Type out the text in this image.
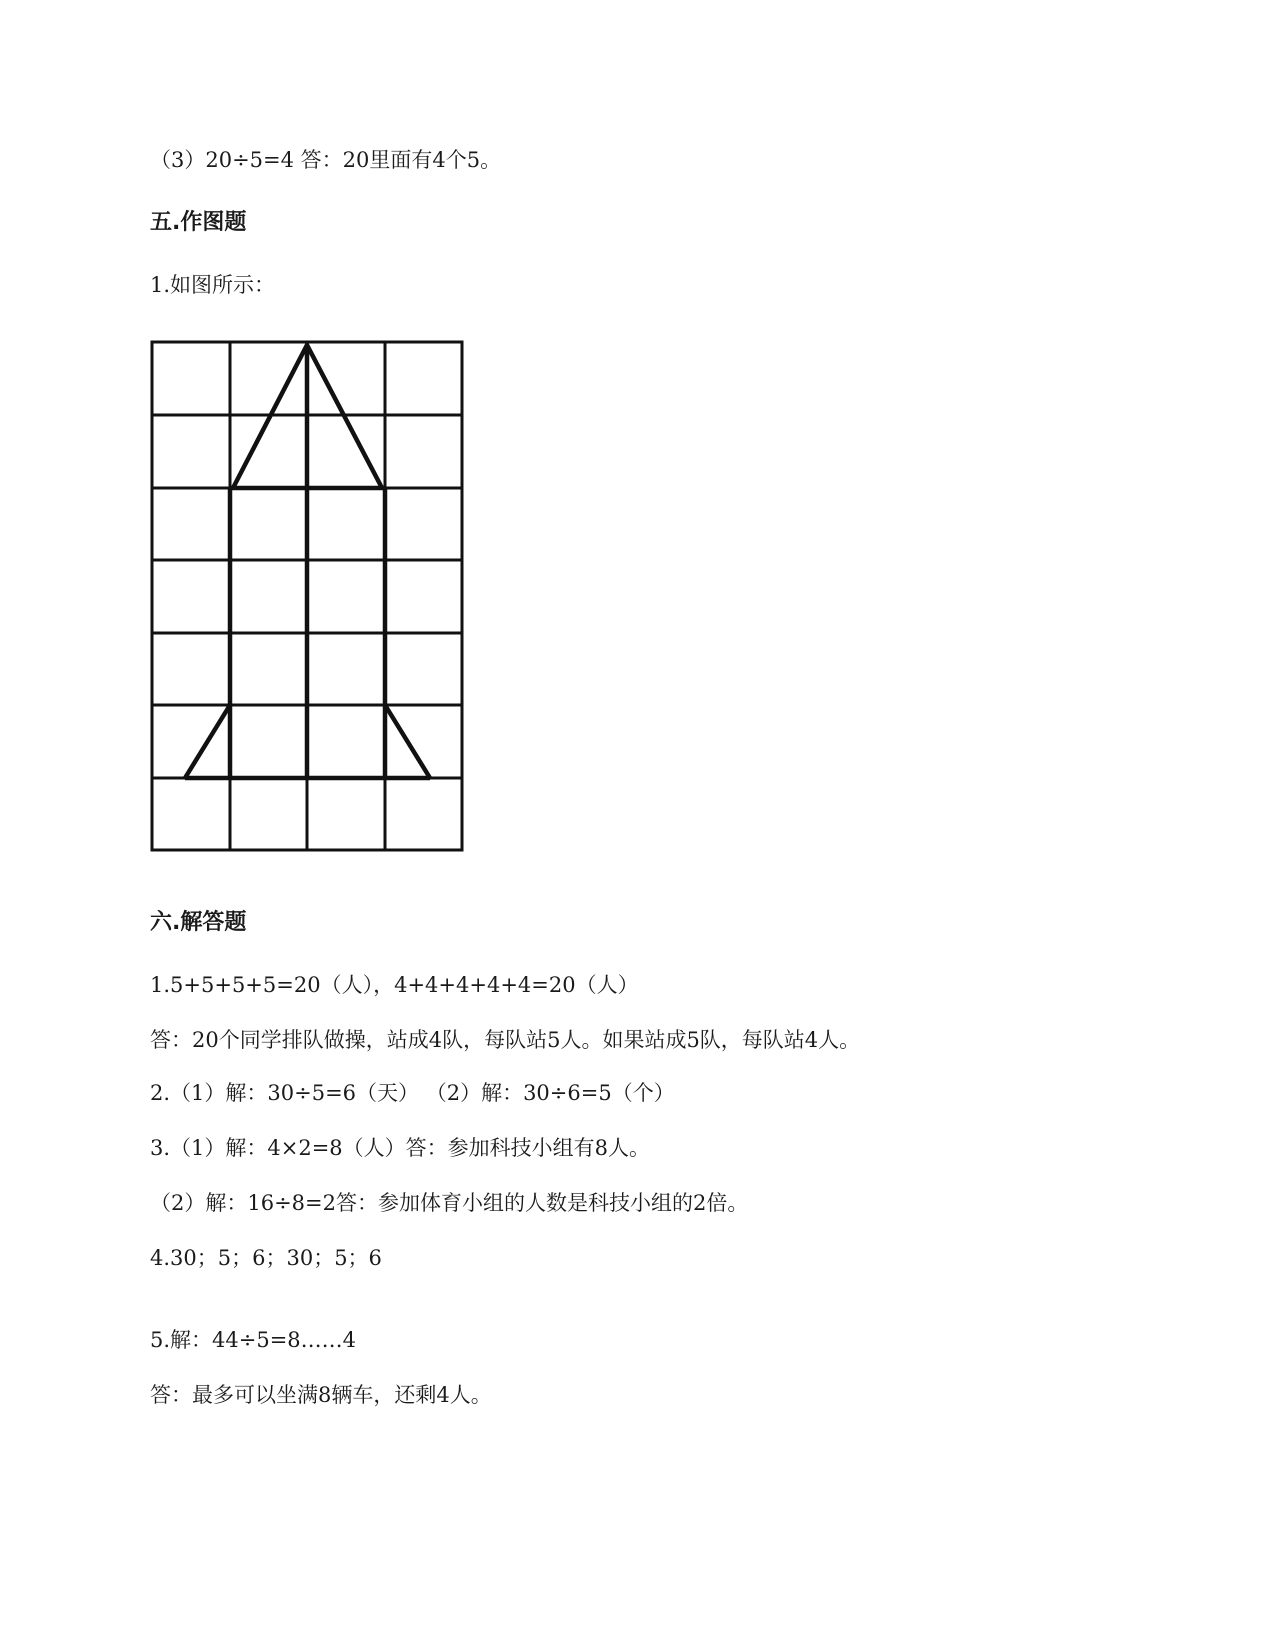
（3）20÷5=4 答：20里面有4个5。
五.作图题
1.如图所示：
六.解答题
1.5+5+5+5=20（人），4+4+4+4+4=20（人）
答：20个同学排队做操，站成4队，每队站5人。如果站成5队，每队站4人。
2.（1）解：30÷5=6（天） （2）解：30÷6=5（个）
3.（1）解：4×2=8（人）答：参加科技小组有8人。
（2）解：16÷8=2答：参加体育小组的人数是科技小组的2倍。
4.30；5；6；30；5；6
5.解：44÷5=8……4
答：最多可以坐满8辆车，还剩4人。
